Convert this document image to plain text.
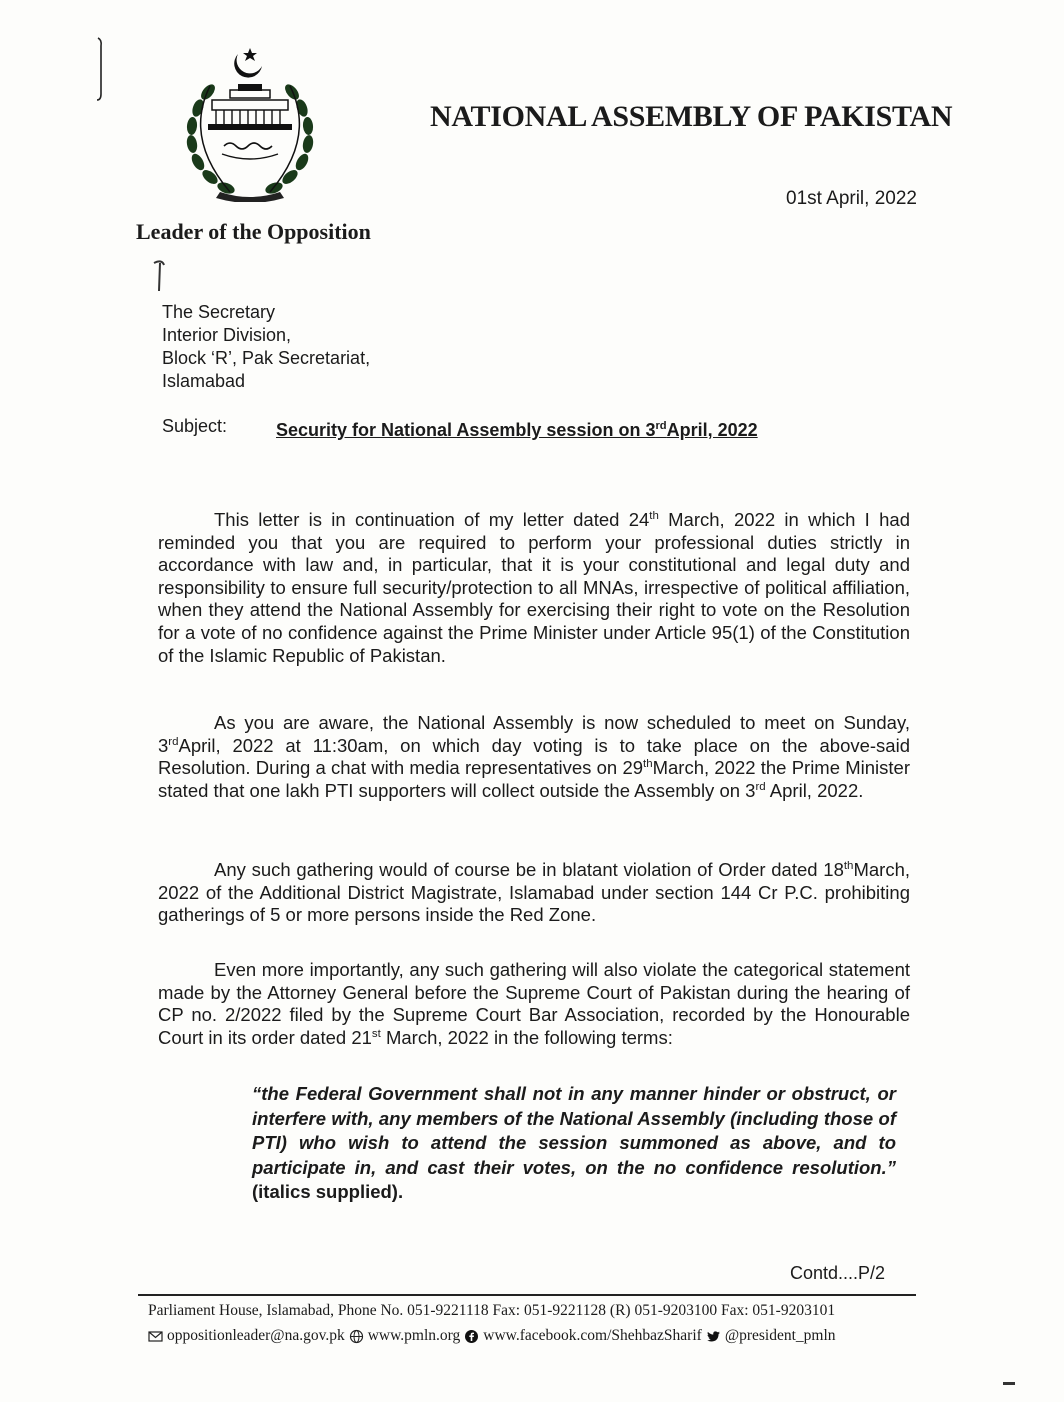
NATIONAL ASSEMBLY OF PAKISTAN
01st April, 2022
Leader of the Opposition
The Secretary
Interior Division,
Block ‘R’, Pak Secretariat,
Islamabad
Subject:	Security for National Assembly session on 3rdApril, 2022
This letter is in continuation of my letter dated 24th March, 2022 in which I had reminded you that you are required to perform your professional duties strictly in accordance with law and, in particular, that it is your constitutional and legal duty and responsibility to ensure full security/protection to all MNAs, irrespective of political affiliation, when they attend the National Assembly for exercising their right to vote on the Resolution for a vote of no confidence against the Prime Minister under Article 95(1) of the Constitution of the Islamic Republic of Pakistan.
As you are aware, the National Assembly is now scheduled to meet on Sunday, 3rdApril, 2022 at 11:30am, on which day voting is to take place on the above-said Resolution. During a chat with media representatives on 29thMarch, 2022 the Prime Minister stated that one lakh PTI supporters will collect outside the Assembly on 3rd April, 2022.
Any such gathering would of course be in blatant violation of Order dated 18thMarch, 2022 of the Additional District Magistrate, Islamabad under section 144 Cr P.C. prohibiting gatherings of 5 or more persons inside the Red Zone.
Even more importantly, any such gathering will also violate the categorical statement made by the Attorney General before the Supreme Court of Pakistan during the hearing of CP no. 2/2022 filed by the Supreme Court Bar Association, recorded by the Honourable Court in its order dated 21st March, 2022 in the following terms:
“the Federal Government shall not in any manner hinder or obstruct, or interfere with, any members of the National Assembly (including those of PTI) who wish to attend the session summoned as above, and to participate in, and cast their votes, on the no confidence resolution.” (italics supplied).
Contd....P/2
Parliament House, Islamabad, Phone No. 051-9221118 Fax: 051-9221128 (R) 051-9203100 Fax: 051-9203101
oppositionleader@na.gov.pk www.pmln.org www.facebook.com/ShehbazSharif @president_pmln
